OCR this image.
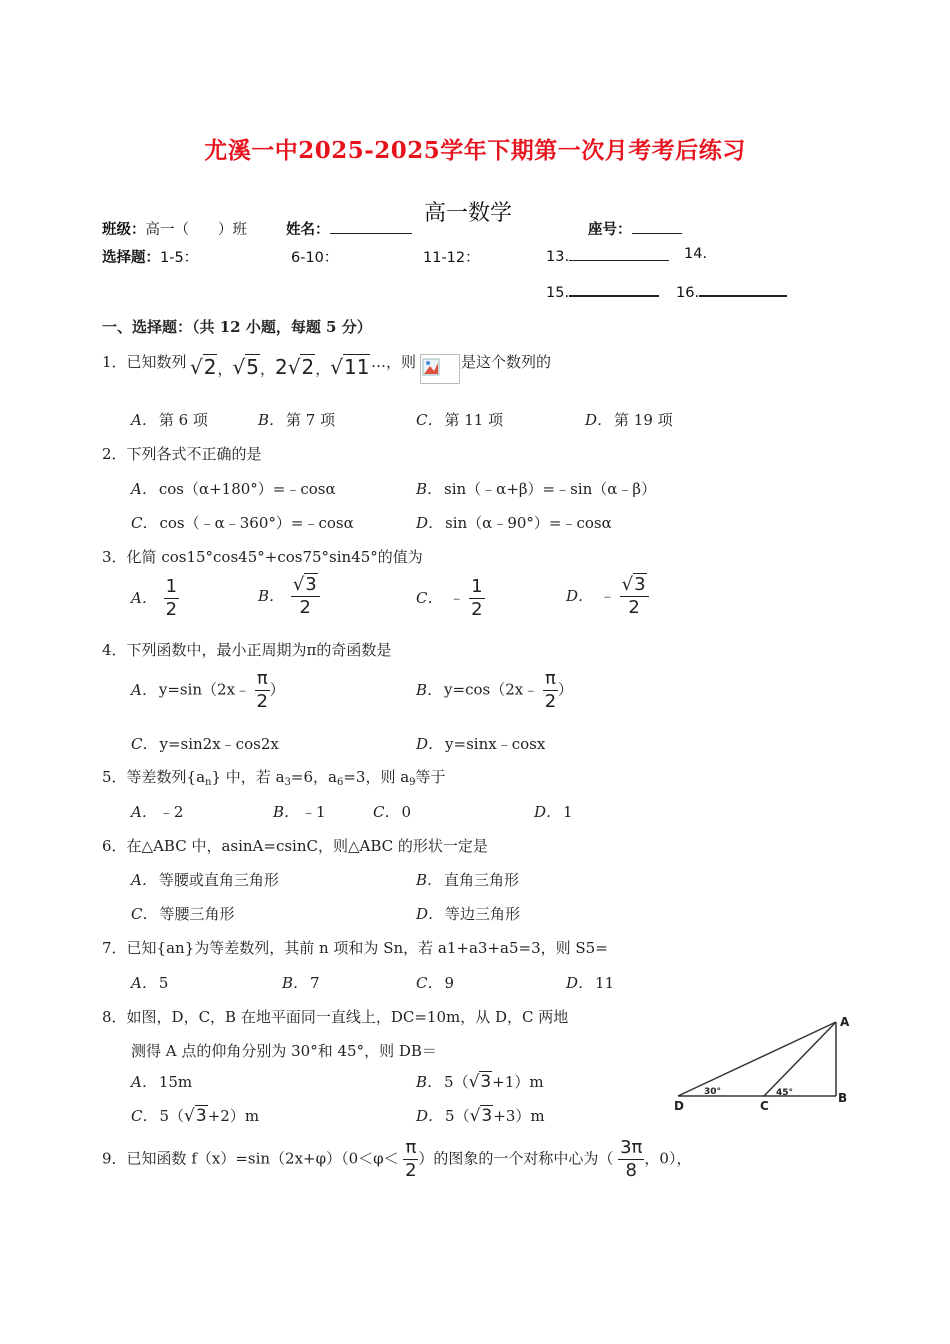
尤溪一中2025-2025学年下期第一次月考考后练习
高一数学
班级：高一（　　）班	姓名：	座号：
选择题：1-5：	6-10：	11-12：	13.	14.
15.	16.
一、选择题：（共 12 小题，每题 5 分）
1．已知数列 √2，√5，2√2，√11 …，则	是这个数列的
A． 第 6 项	B． 第 7 项	C． 第 11 项	D． 第 19 项
2．下列各式不正确的是
A． cos（α+180°）=﹣cosα	B． sin（﹣α+β）=﹣sin（α﹣β）
C． cos（﹣α﹣360°）=﹣cosα	D． sin（α﹣90°）=﹣cosα
3．化简 cos15°cos45°+cos75°sin45°的值为
A． $\frac{1}{2}$	B． $\frac{√3}{2}$	C． ﹣ $\frac{1}{2}$	D． ﹣ $\frac{√3}{2}$
4．下列函数中，最小正周期为π的奇函数是
A． y=sin（2x﹣ $\frac{\pi}{2}$ ）	B． y=cos（2x﹣ $\frac{\pi}{2}$ ）
C． y=sin2x﹣cos2x	D． y=sinx﹣cosx
5．等差数列$\{a_n\}$ 中，若 $a_3=6$，$a_6=3$，则 $a_9$等于
A． ﹣2	B． ﹣1	C． 0	D． 1
6．在△ABC 中，asinA=csinC，则△ABC 的形状一定是
A． 等腰或直角三角形	B． 直角三角形
C． 等腰三角形	D． 等边三角形
7．已知{an}为等差数列，其前 n 项和为 Sn，若 a1+a3+a5=3，则 S5=
A． 5	B． 7	C． 9	D． 11
8．如图，D，C，B 在地平面同一直线上，DC=10m，从 D，C 两地
测得 A 点的仰角分别为 30°和 45°，则 DB＝
A． 15m	B． 5（√3+1）m
C． 5（√3+2）m	D． 5（√3+3）m
A
B
C
D
30°	45°
9．已知函数 $f(x)=\sin(2x+\varphi)(0<\varphi< \frac{\pi}{2}$ ）的图象的一个对称中心为（ $\frac{3\pi}{8}$ ，0），
